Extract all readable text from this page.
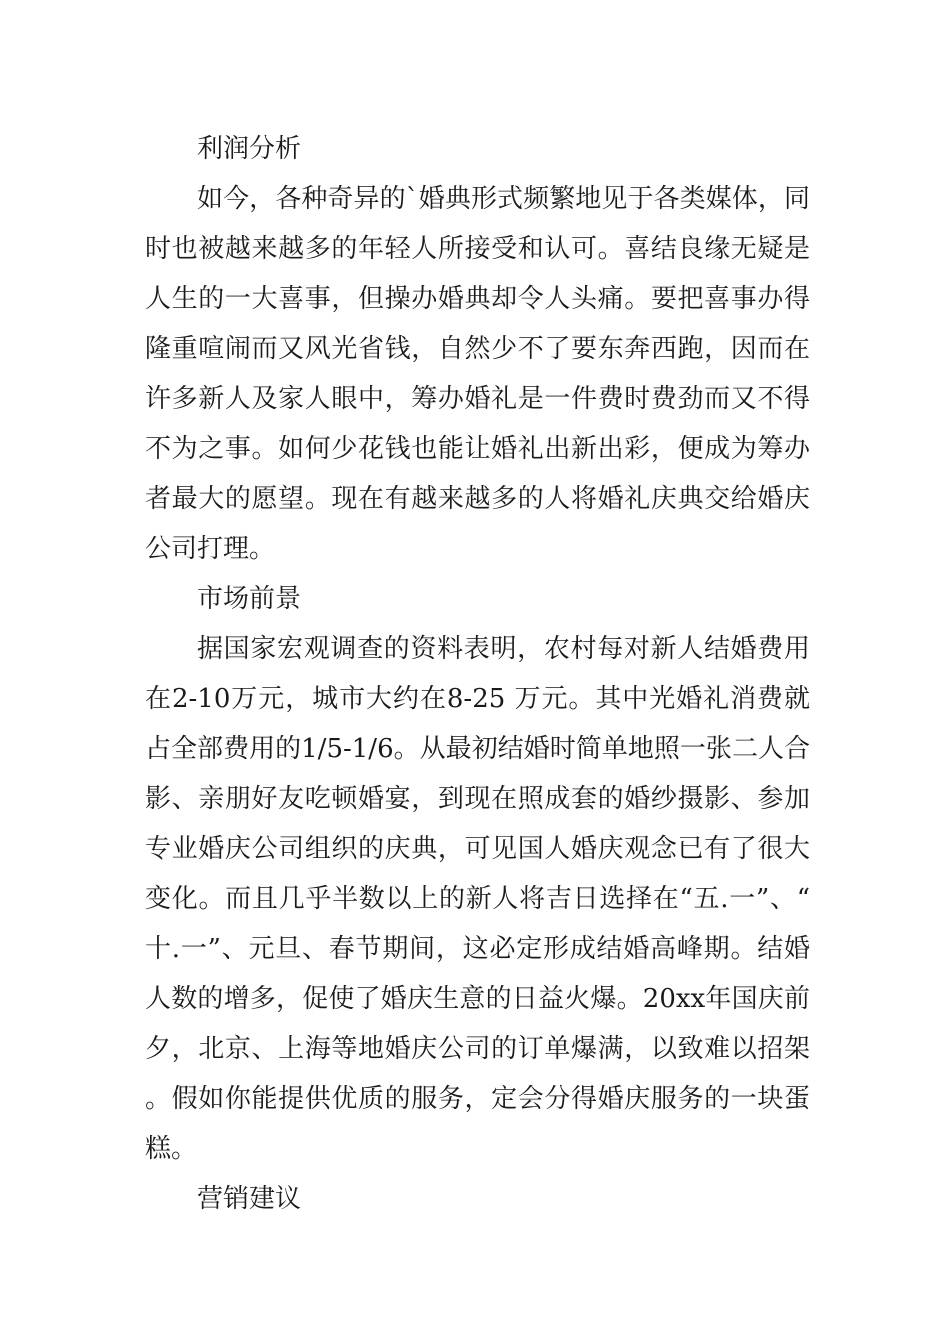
利润分析

如今，各种奇异的`婚典形式频繁地见于各类媒体，同时也被越来越多的年轻人所接受和认可。喜结良缘无疑是人生的一大喜事，但操办婚典却令人头痛。要把喜事办得隆重喧闹而又风光省钱，自然少不了要东奔西跑，因而在许多新人及家人眼中，筹办婚礼是一件费时费劲而又不得不为之事。如何少花钱也能让婚礼出新出彩，便成为筹办者最大的愿望。现在有越来越多的人将婚礼庆典交给婚庆公司打理。

市场前景

据国家宏观调查的资料表明，农村每对新人结婚费用在2-10万元，城市大约在8-25 万元。其中光婚礼消费就占全部费用的1/5-1/6。从最初结婚时简单地照一张二人合影、亲朋好友吃顿婚宴，到现在照成套的婚纱摄影、参加专业婚庆公司组织的庆典，可见国人婚庆观念已有了很大变化。而且几乎半数以上的新人将吉日选择在“五.一”、“十.一”、元旦、春节期间，这必定形成结婚高峰期。结婚人数的增多，促使了婚庆生意的日益火爆。20xx年国庆前夕，北京、上海等地婚庆公司的订单爆满，以致难以招架。假如你能提供优质的服务，定会分得婚庆服务的一块蛋糕。

营销建议
